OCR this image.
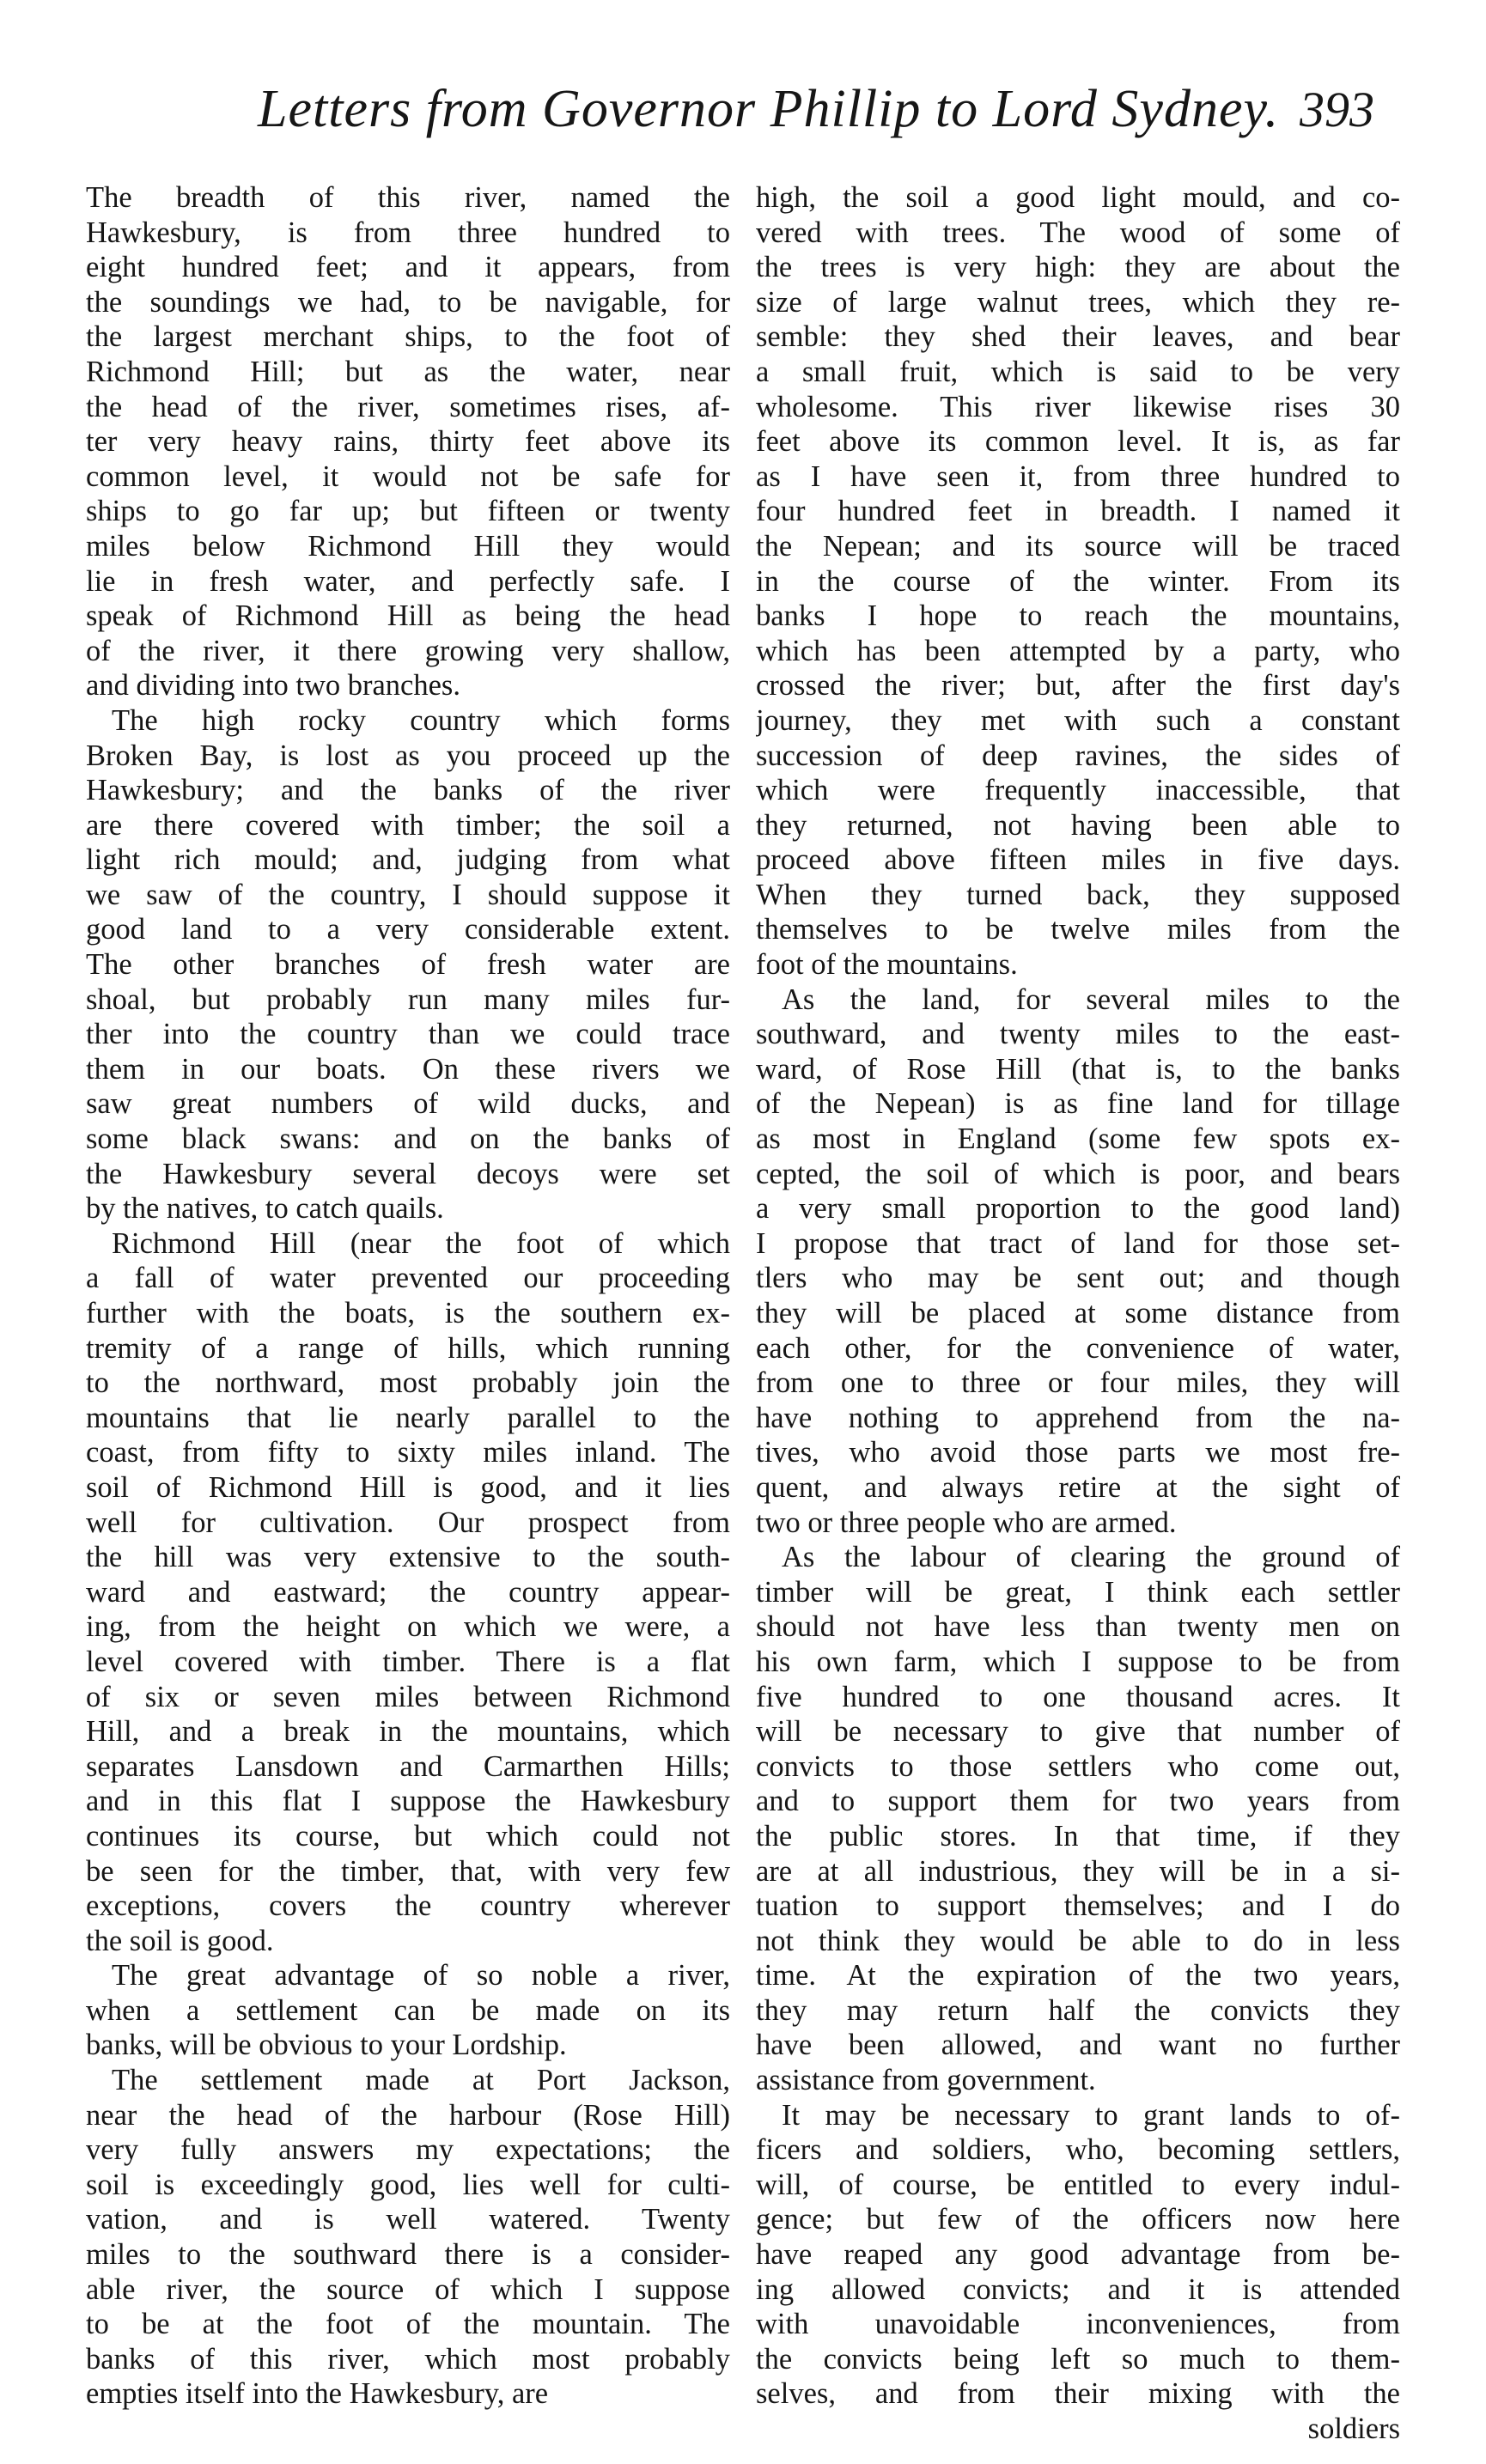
Letters from Governor Phillip to Lord Sydney. 393
The breadth of this river, named the
Hawkesbury, is from three hundred to
eight hundred feet; and it appears, from
the soundings we had, to be navigable, for
the largest merchant ships, to the foot of
Richmond Hill; but as the water, near
the head of the river, sometimes rises, af-
ter very heavy rains, thirty feet above its
common level, it would not be safe for
ships to go far up; but fifteen or twenty
miles below Richmond Hill they would
lie in fresh water, and perfectly safe. I
speak of Richmond Hill as being the head
of the river, it there growing very shallow,
and dividing into two branches.
The high rocky country which forms
Broken Bay, is lost as you proceed up the
Hawkesbury; and the banks of the river
are there covered with timber; the soil a
light rich mould; and, judging from what
we saw of the country, I should suppose it
good land to a very considerable extent.
The other branches of fresh water are
shoal, but probably run many miles fur-
ther into the country than we could trace
them in our boats. On these rivers we
saw great numbers of wild ducks, and
some black swans: and on the banks of
the Hawkesbury several decoys were set
by the natives, to catch quails.
Richmond Hill (near the foot of which
a fall of water prevented our proceeding
further with the boats, is the southern ex-
tremity of a range of hills, which running
to the northward, most probably join the
mountains that lie nearly parallel to the
coast, from fifty to sixty miles inland. The
soil of Richmond Hill is good, and it lies
well for cultivation. Our prospect from
the hill was very extensive to the south-
ward and eastward; the country appear-
ing, from the height on which we were, a
level covered with timber. There is a flat
of six or seven miles between Richmond
Hill, and a break in the mountains, which
separates Lansdown and Carmarthen Hills;
and in this flat I suppose the Hawkesbury
continues its course, but which could not
be seen for the timber, that, with very few
exceptions, covers the country wherever
the soil is good.
The great advantage of so noble a river,
when a settlement can be made on its
banks, will be obvious to your Lordship.
The settlement made at Port Jackson,
near the head of the harbour (Rose Hill)
very fully answers my expectations; the
soil is exceedingly good, lies well for culti-
vation, and is well watered. Twenty
miles to the southward there is a consider-
able river, the source of which I suppose
to be at the foot of the mountain. The
banks of this river, which most probably
empties itself into the Hawkesbury, are
high, the soil a good light mould, and co-
vered with trees. The wood of some of
the trees is very high: they are about the
size of large walnut trees, which they re-
semble: they shed their leaves, and bear
a small fruit, which is said to be very
wholesome. This river likewise rises 30
feet above its common level. It is, as far
as I have seen it, from three hundred to
four hundred feet in breadth. I named it
the Nepean; and its source will be traced
in the course of the winter. From its
banks I hope to reach the mountains,
which has been attempted by a party, who
crossed the river; but, after the first day's
journey, they met with such a constant
succession of deep ravines, the sides of
which were frequently inaccessible, that
they returned, not having been able to
proceed above fifteen miles in five days.
When they turned back, they supposed
themselves to be twelve miles from the
foot of the mountains.
As the land, for several miles to the
southward, and twenty miles to the east-
ward, of Rose Hill (that is, to the banks
of the Nepean) is as fine land for tillage
as most in England (some few spots ex-
cepted, the soil of which is poor, and bears
a very small proportion to the good land)
I propose that tract of land for those set-
tlers who may be sent out; and though
they will be placed at some distance from
each other, for the convenience of water,
from one to three or four miles, they will
have nothing to apprehend from the na-
tives, who avoid those parts we most fre-
quent, and always retire at the sight of
two or three people who are armed.
As the labour of clearing the ground of
timber will be great, I think each settler
should not have less than twenty men on
his own farm, which I suppose to be from
five hundred to one thousand acres. It
will be necessary to give that number of
convicts to those settlers who come out,
and to support them for two years from
the public stores. In that time, if they
are at all industrious, they will be in a si-
tuation to support themselves; and I do
not think they would be able to do in less
time. At the expiration of the two years,
they may return half the convicts they
have been allowed, and want no further
assistance from government.
It may be necessary to grant lands to of-
ficers and soldiers, who, becoming settlers,
will, of course, be entitled to every indul-
gence; but few of the officers now here
have reaped any good advantage from be-
ing allowed convicts; and it is attended
with unavoidable inconveniences, from
the convicts being left so much to them-
selves, and from their mixing with the
soldiers
